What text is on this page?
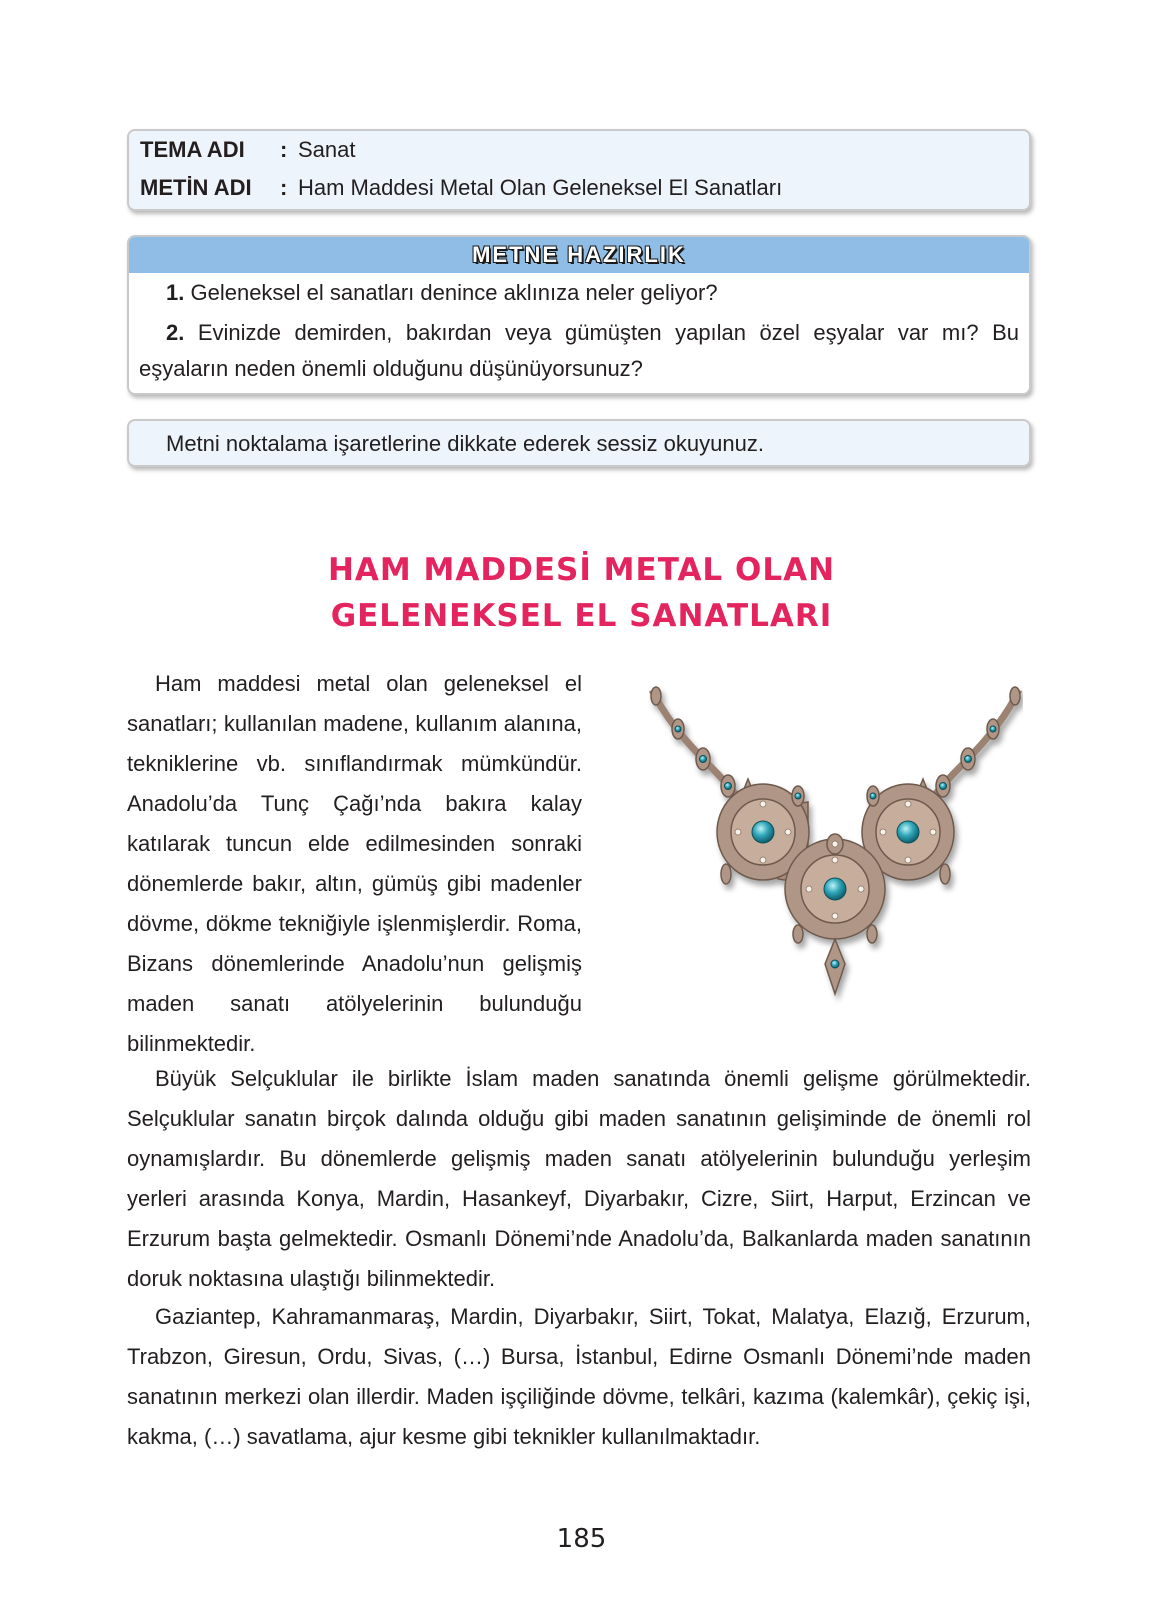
TEMA ADI : Sanat
METİN ADI : Ham Maddesi Metal Olan Geleneksel El Sanatları
METNE HAZIRLIK
1. Geleneksel el sanatları denince aklınıza neler geliyor?
2. Evinizde demirden, bakırdan veya gümüşten yapılan özel eşyalar var mı? Bu eşyaların neden önemli olduğunu düşünüyorsunuz?
Metni noktalama işaretlerine dikkate ederek sessiz okuyunuz.
HAM MADDESİ METAL OLAN
GELENEKSEL EL SANATLARI
Ham maddesi metal olan geleneksel el sanatları; kullanılan madene, kullanım alanına, tekniklerine vb. sınıflandırmak mümkündür. Anadolu’da Tunç Çağı’nda bakıra kalay katılarak tuncun elde edilmesinden sonraki dönemlerde bakır, altın, gümüş gibi madenler dövme, dökme tekniğiyle işlenmişlerdir. Roma, Bizans dönemlerinde Anadolu’nun gelişmiş maden sanatı atölyelerinin bulunduğu bilinmektedir.
Büyük Selçuklular ile birlikte İslam maden sanatında önemli gelişme görülmektedir. Selçuklular sanatın birçok dalında olduğu gibi maden sanatının gelişiminde de önemli rol oynamışlardır. Bu dönemlerde gelişmiş maden sanatı atölyelerinin bulunduğu yerleşim yerleri arasında Konya, Mardin, Hasankeyf, Diyarbakır, Cizre, Siirt, Harput, Erzincan ve Erzurum başta gelmektedir. Osmanlı Dönemi’nde Anadolu’da, Balkanlarda maden sanatının doruk noktasına ulaştığı bilinmektedir.
Gaziantep, Kahramanmaraş, Mardin, Diyarbakır, Siirt, Tokat, Malatya, Elazığ, Erzurum, Trabzon, Giresun, Ordu, Sivas, (…) Bursa, İstanbul, Edirne Osmanlı Dönemi’nde maden sanatının merkezi olan illerdir. Maden işçiliğinde dövme, telkâri, kazıma (kalemkâr), çekiç işi, kakma, (…) savatlama, ajur kesme gibi teknikler kullanılmaktadır.
185
